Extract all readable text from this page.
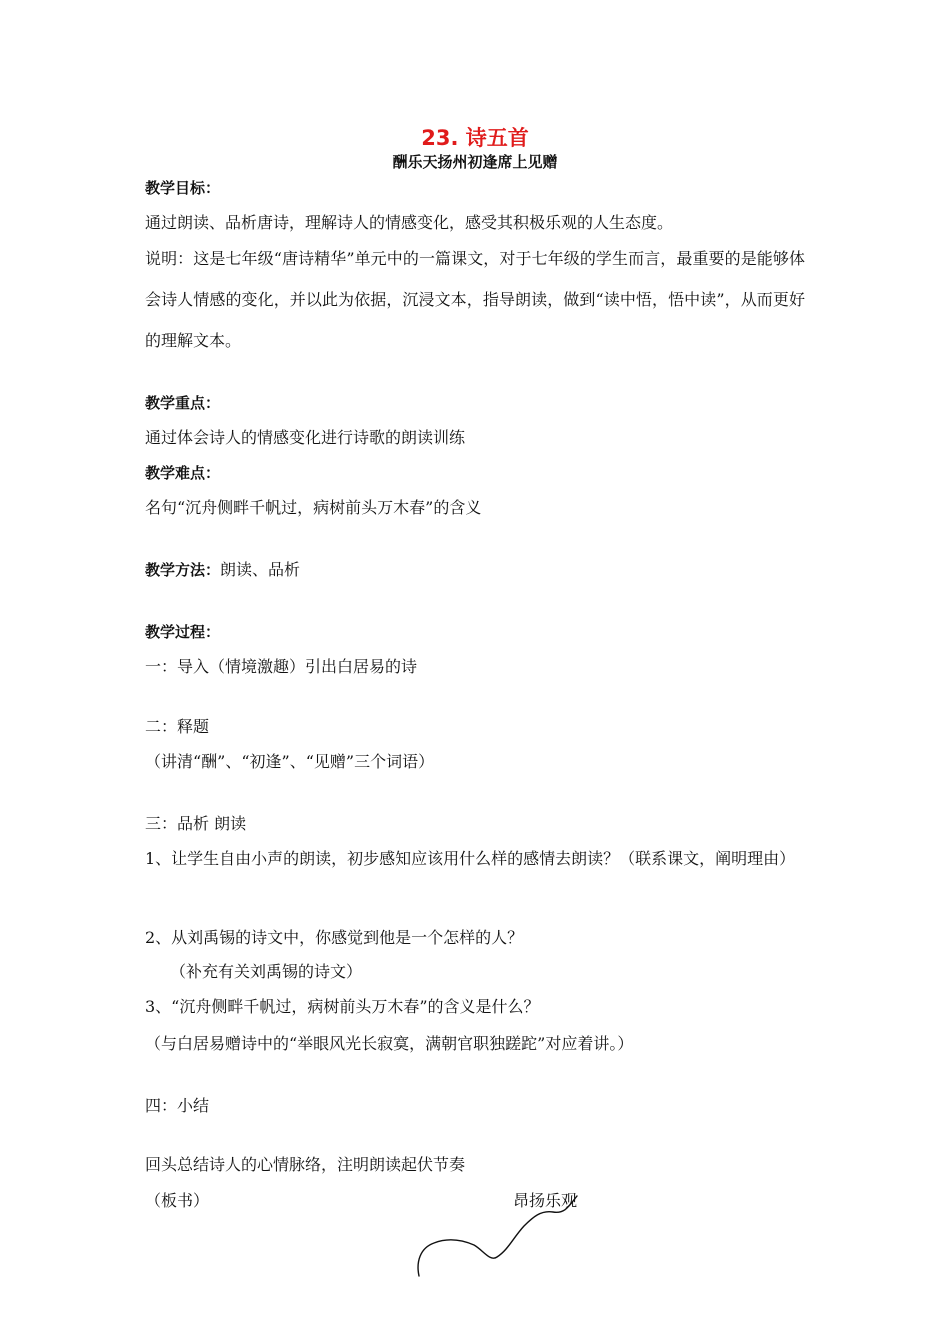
23. 诗五首
酬乐天扬州初逢席上见赠
教学目标：
通过朗读、品析唐诗，理解诗人的情感变化，感受其积极乐观的人生态度。
说明：这是七年级“唐诗精华”单元中的一篇课文，对于七年级的学生而言，最重要的是能够体会诗人情感的变化，并以此为依据，沉浸文本，指导朗读，做到“读中悟，悟中读”，从而更好的理解文本。
教学重点：
通过体会诗人的情感变化进行诗歌的朗读训练
教学难点：
名句“沉舟侧畔千帆过，病树前头万木春”的含义
教学方法：朗读、品析
教学过程：
一：导入（情境激趣）引出白居易的诗
二：释题
（讲清“酬”、“初逢”、“见赠”三个词语）
三：品析 朗读
1、让学生自由小声的朗读，初步感知应该用什么样的感情去朗读？（联系课文，阐明理由）
2、从刘禹锡的诗文中，你感觉到他是一个怎样的人？
（补充有关刘禹锡的诗文）
3、“沉舟侧畔千帆过，病树前头万木春”的含义是什么？
（与白居易赠诗中的“举眼风光长寂寞，满朝官职独蹉跎”对应着讲。）
四：小结
回头总结诗人的心情脉络，注明朗读起伏节奏
（板书）	昂扬乐观
